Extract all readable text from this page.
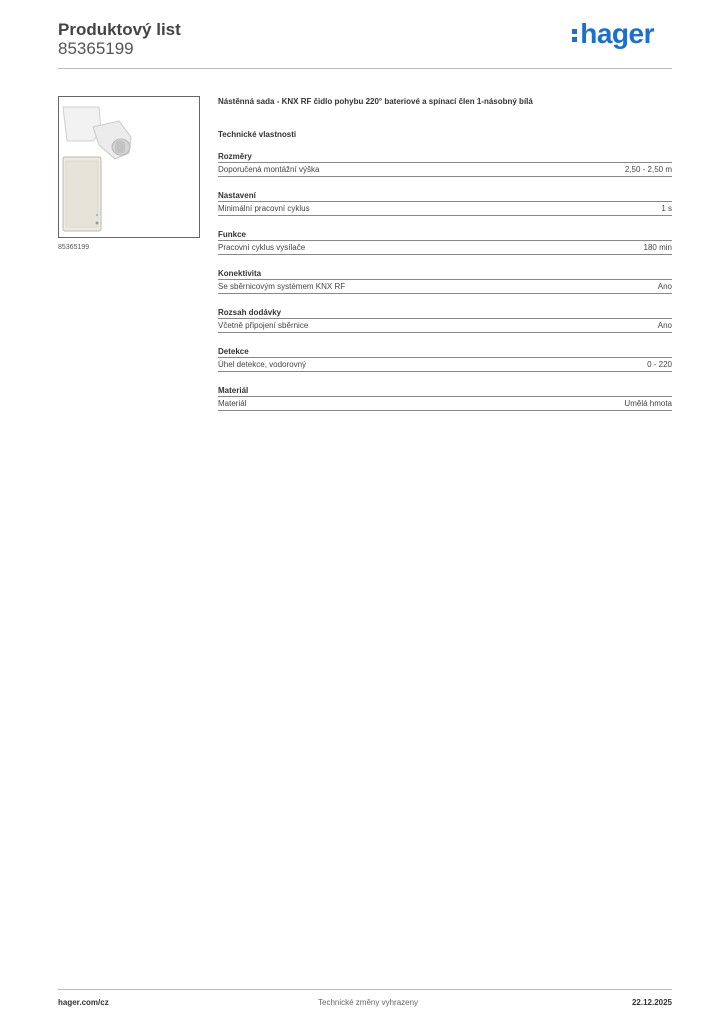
Produktový list
85365199	hager
85365199
Nástěnná sada - KNX RF čidlo pohybu 220° bateriové a spínací člen 1-násobný bílá
Technické vlastnosti
Rozměry
Doporučená montážní výška	2,50 - 2,50 m
Nastavení
Minimální pracovní cyklus	1 s
Funkce
Pracovní cyklus vysílače	180 min
Konektivita
Se sběrnicovým systémem KNX RF	Ano
Rozsah dodávky
Včetně připojení sběrnice	Ano
Detekce
Úhel detekce, vodorovný	0 - 220
Materiál
Materiál	Umělá hmota
hager.com/cz	Technické změny vyhrazeny	22.12.2025
